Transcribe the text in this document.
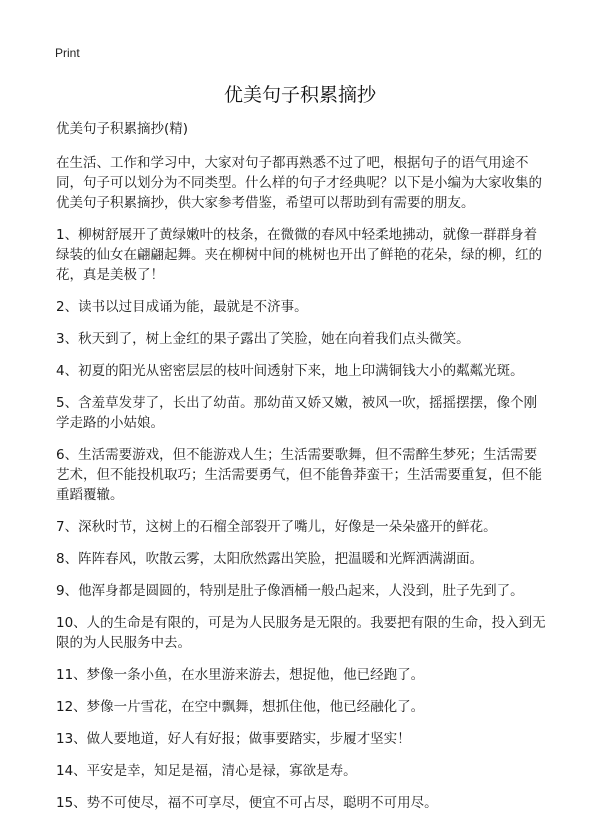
Print
优美句子积累摘抄

优美句子积累摘抄(精)

在生活、工作和学习中，大家对句子都再熟悉不过了吧，根据句子的语气用途不同，句子可以划分为不同类型。什么样的句子才经典呢？以下是小编为大家收集的优美句子积累摘抄，供大家参考借鉴，希望可以帮助到有需要的朋友。

1、柳树舒展开了黄绿嫩叶的枝条，在微微的春风中轻柔地拂动，就像一群群身着绿装的仙女在翩翩起舞。夹在柳树中间的桃树也开出了鲜艳的花朵，绿的柳，红的花，真是美极了！

2、读书以过目成诵为能，最就是不济事。

3、秋天到了，树上金红的果子露出了笑脸，她在向着我们点头微笑。

4、初夏的阳光从密密层层的枝叶间透射下来，地上印满铜钱大小的粼粼光斑。

5、含羞草发芽了，长出了幼苗。那幼苗又娇又嫩，被风一吹，摇摇摆摆，像个刚学走路的小姑娘。

6、生活需要游戏，但不能游戏人生；生活需要歌舞，但不需醉生梦死；生活需要艺术，但不能投机取巧；生活需要勇气，但不能鲁莽蛮干；生活需要重复，但不能重蹈覆辙。

7、深秋时节，这树上的石榴全部裂开了嘴儿，好像是一朵朵盛开的鲜花。

8、阵阵春风，吹散云雾，太阳欣然露出笑脸，把温暖和光辉洒满湖面。

9、他浑身都是圆圆的，特别是肚子像酒桶一般凸起来，人没到，肚子先到了。

10、人的生命是有限的，可是为人民服务是无限的。我要把有限的生命，投入到无限的为人民服务中去。

11、梦像一条小鱼，在水里游来游去，想捉他，他已经跑了。

12、梦像一片雪花，在空中飘舞，想抓住他，他已经融化了。

13、做人要地道，好人有好报；做事要踏实，步履才坚实！

14、平安是幸，知足是福，清心是禄，寡欲是寿。

15、势不可使尽，福不可享尽，便宜不可占尽，聪明不可用尽。
